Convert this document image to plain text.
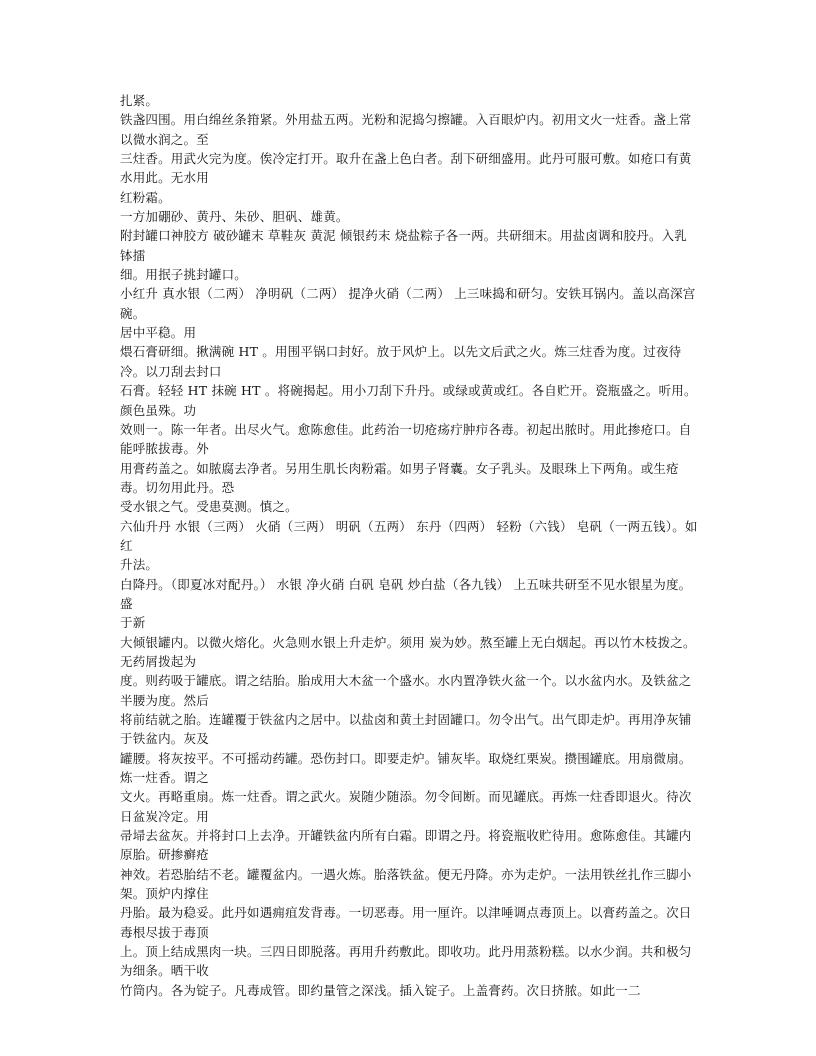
扎紧。
铁盏四围。用白绵丝条箝紧。外用盐五两。光粉和泥捣匀擦罐。入百眼炉内。初用文火一炷香。盏上常以微水润之。至
三炷香。用武火完为度。俟冷定打开。取升在盏上色白者。刮下研细盛用。此丹可服可敷。如疮口有黄水用此。无水用
红粉霜。
一方加硼砂、黄丹、朱砂、胆矾、雄黄。
附封罐口神胶方 破砂罐末 草鞋灰 黄泥 倾银药末 烧盐粽子各一两。共研细末。用盐卤调和胶丹。入乳钵擂
细。用抿子挑封罐口。
小红升 真水银（二两） 净明矾（二两） 提净火硝（二两） 上三味捣和研匀。安铁耳锅内。盖以高深宫碗。
居中平稳。用
煨石膏研细。揪满碗 HT 。用围平锅口封好。放于风炉上。以先文后武之火。炼三炷香为度。过夜待冷。以刀刮去封口
石膏。轻轻 HT 抹碗 HT 。将碗揭起。用小刀刮下升丹。或绿或黄或红。各自贮开。瓷瓶盛之。听用。颜色虽殊。功
效则一。陈一年者。出尽火气。愈陈愈佳。此药治一切疮疡疔肿疖各毒。初起出脓时。用此掺疮口。自能呼脓拔毒。外
用膏药盖之。如脓腐去净者。另用生肌长肉粉霜。如男子肾囊。女子乳头。及眼珠上下两角。或生疮毒。切勿用此丹。恐
受水银之气。受患莫测。慎之。
六仙升丹 水银（三两） 火硝（三两） 明矾（五两） 东丹（四两） 轻粉（六钱） 皂矾（一两五钱）。如红
升法。
白降丹。（即夏冰对配丹。） 水银 净火硝 白矾 皂矾 炒白盐（各九钱） 上五味共研至不见水银星为度。盛
于新
大倾银罐内。以微火熔化。火急则水银上升走炉。须用 炭为妙。熬至罐上无白烟起。再以竹木枝拨之。无药屑拨起为
度。则药吸于罐底。谓之结胎。胎成用大木盆一个盛水。水内置净铁火盆一个。以水盆内水。及铁盆之半腰为度。然后
将前结就之胎。连罐覆于铁盆内之居中。以盐卤和黄土封固罐口。勿令出气。出气即走炉。再用净灰铺于铁盆内。灰及
罐腰。将灰按平。不可摇动药罐。恐伤封口。即要走炉。铺灰毕。取烧红栗炭。攒围罐底。用扇微扇。炼一炷香。谓之
文火。再略重扇。炼一炷香。谓之武火。炭随少随添。勿令间断。而见罐底。再炼一炷香即退火。待次日盆炭冷定。用
帚埽去盆灰。并将封口上去净。开罐铁盆内所有白霜。即谓之丹。将瓷瓶收贮待用。愈陈愈佳。其罐内原胎。研掺癣疮
神效。若恐胎结不老。罐覆盆内。一遇火炼。胎落铁盆。便无丹降。亦为走炉。一法用铁丝扎作三脚小架。顶炉内撑住
丹胎。最为稳妥。此丹如遇痈疽发背毒。一切恶毒。用一厘许。以津唾调点毒顶上。以膏药盖之。次日毒根尽拔于毒顶
上。顶上结成黑肉一块。三四日即脱落。再用升药敷此。即收功。此丹用蒸粉糕。以水少润。共和极匀为细条。晒干收
竹筒内。各为锭子。凡毒成管。即约量管之深浅。插入锭子。上盖膏药。次日挤脓。如此一二
